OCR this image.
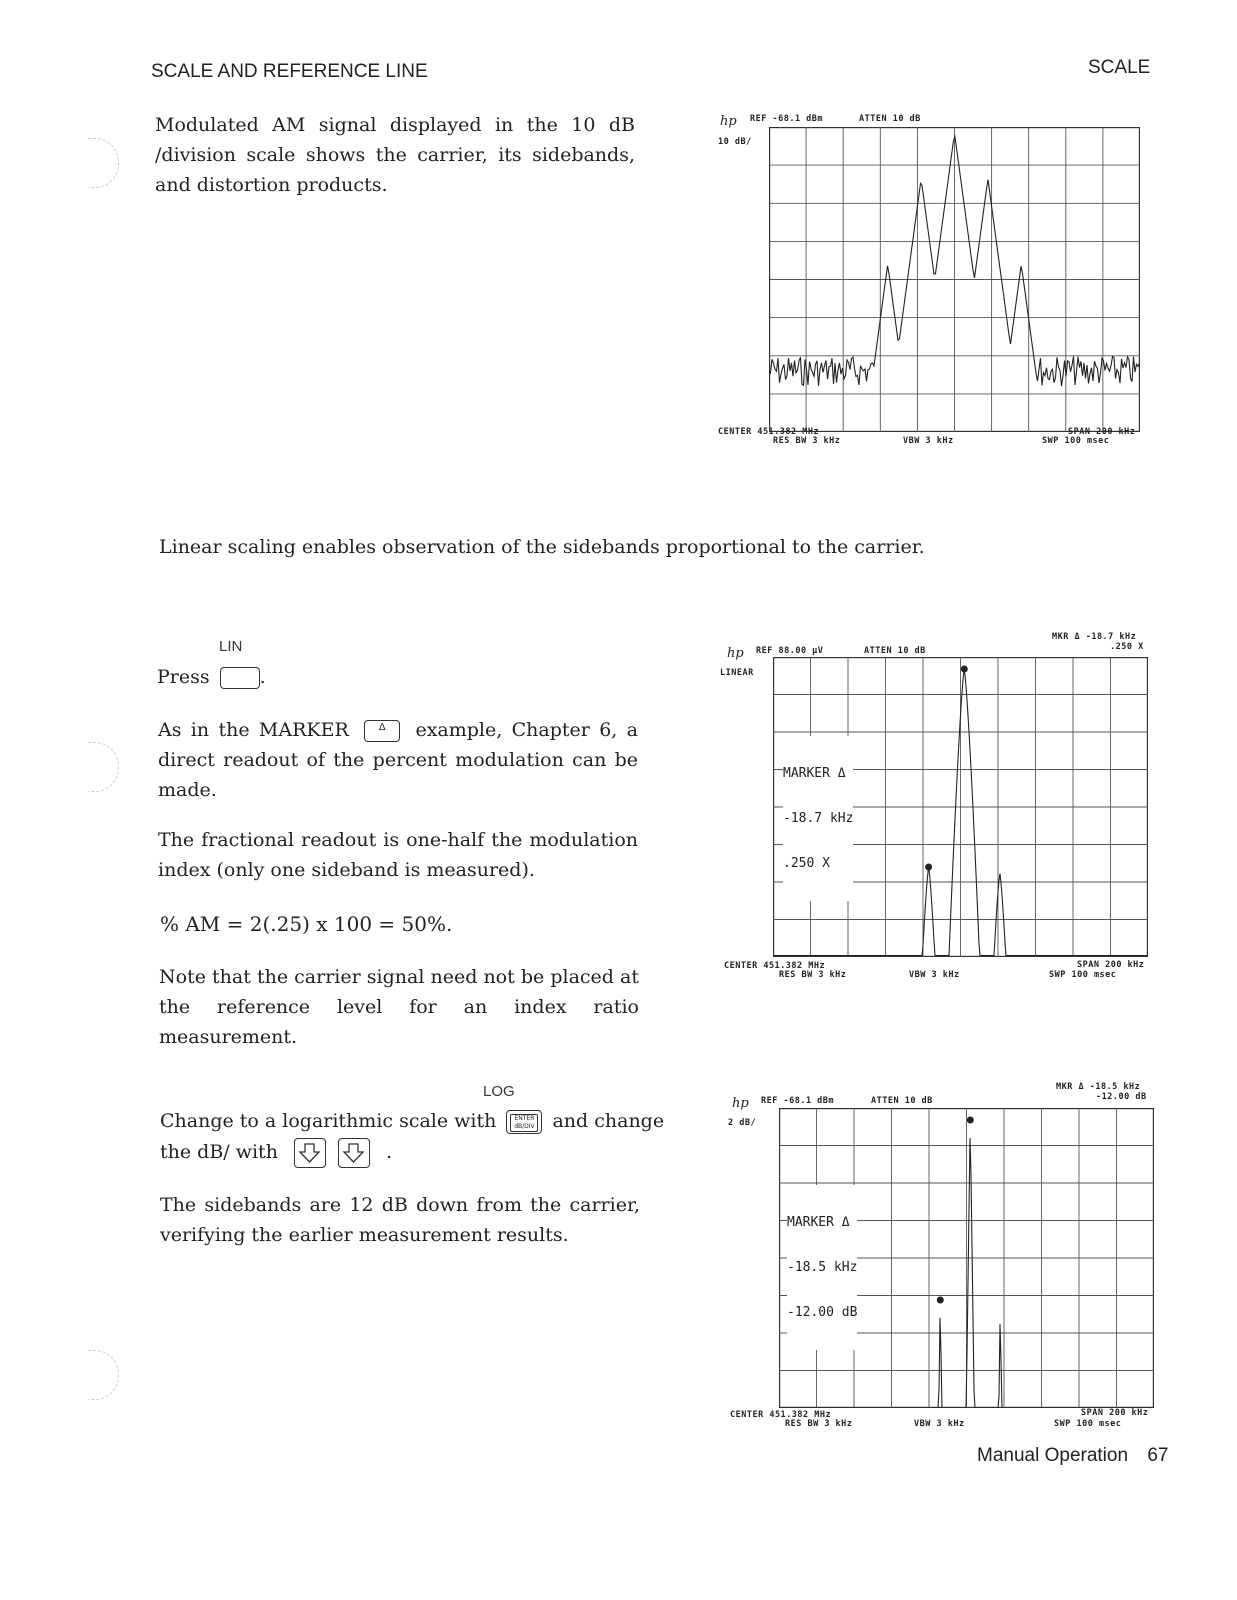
SCALE AND REFERENCE LINE	SCALE
Modulated AM signal displayed in the 10 dB /division scale shows the carrier, its sidebands, and distortion products.
hp REF -68.1 dBm	ATTEN 10 dB
10 dB/
CENTER 451.382 MHz
RES BW 3 kHz	VBW 3 kHz
SPAN 200 kHz
SWP 100 msec
Linear scaling enables observation of the sidebands proportional to the carrier.
LIN
Press	.
As in the MARKER	Δ example, Chapter 6, a direct readout of the percent modulation can be made.
The fractional readout is one-half the modulation index (only one sideband is measured).
% AM = 2(.25) x 100 = 50%.
Note that the carrier signal need not be placed at the reference level for an index ratio measurement.
MKR Δ -18.7 kHz
.250 X
hp REF 88.00 μV	ATTEN 10 dB
LINEAR

MARKER Δ

-18.7 kHz

.250 X

CENTER 451.382 MHz
RES BW 3 kHz	VBW 3 kHz
SPAN 200 kHz
SWP 100 msec
LOG
Change to a logarithmic scale with	ENTER
dB/DIV and change
the dB/ with	.
The sidebands are 12 dB down from the carrier, verifying the earlier measurement results.
MKR Δ -18.5 kHz
-12.00 dB
hp REF -68.1 dBm	ATTEN 10 dB
2 dB/

MARKER Δ

-18.5 kHz

-12.00 dB

CENTER 451.382 MHz
RES BW 3 kHz	VBW 3 kHz
SPAN 200 kHz
SWP 100 msec
Manual Operation 67
